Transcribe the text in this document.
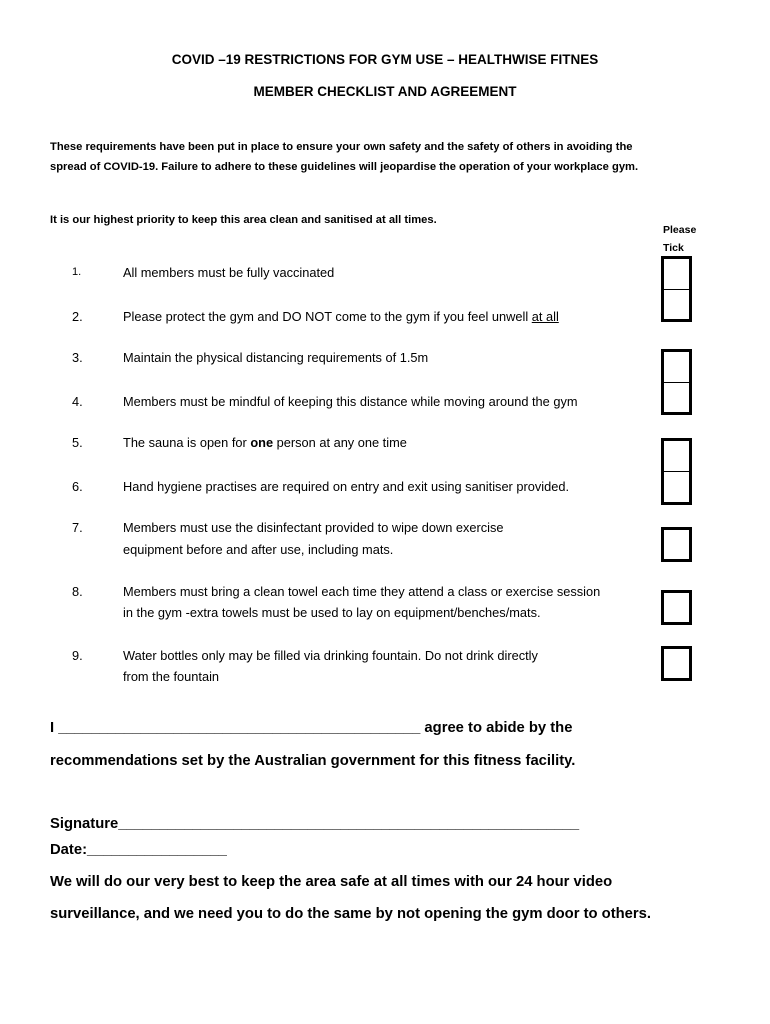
COVID –19 RESTRICTIONS FOR GYM USE – HEALTHWISE FITNES
MEMBER CHECKLIST AND AGREEMENT
These requirements have been put in place to ensure your own safety and the safety of others in avoiding the
spread of COVID-19. Failure to adhere to these guidelines will jeopardise the operation of your workplace gym.
It is our highest priority to keep this area clean and sanitised at all times.
Please
Tick
1.	All members must be fully vaccinated
2.	Please protect the gym and DO NOT come to the gym if you feel unwell at all
3.	Maintain the physical distancing requirements of 1.5m
4.	Members must be mindful of keeping this distance while moving around the gym
5.	The sauna is open for one person at any one time
6.	Hand hygiene practises are required on entry and exit using sanitiser provided.
7.	Members must use the disinfectant provided to wipe down exercise
equipment before and after use, including mats.
8.	Members must bring a clean towel each time they attend a class or exercise session
in the gym -extra towels must be used to lay on equipment/benches/mats.
9.	Water bottles only may be filled via drinking fountain. Do not drink directly
from the fountain
I ____________________________________________ agree to abide by the
recommendations set by the Australian government for this fitness facility.
Signature________________________________________________________
Date:_________________
We will do our very best to keep the area safe at all times with our 24 hour video
surveillance, and we need you to do the same by not opening the gym door to others.
